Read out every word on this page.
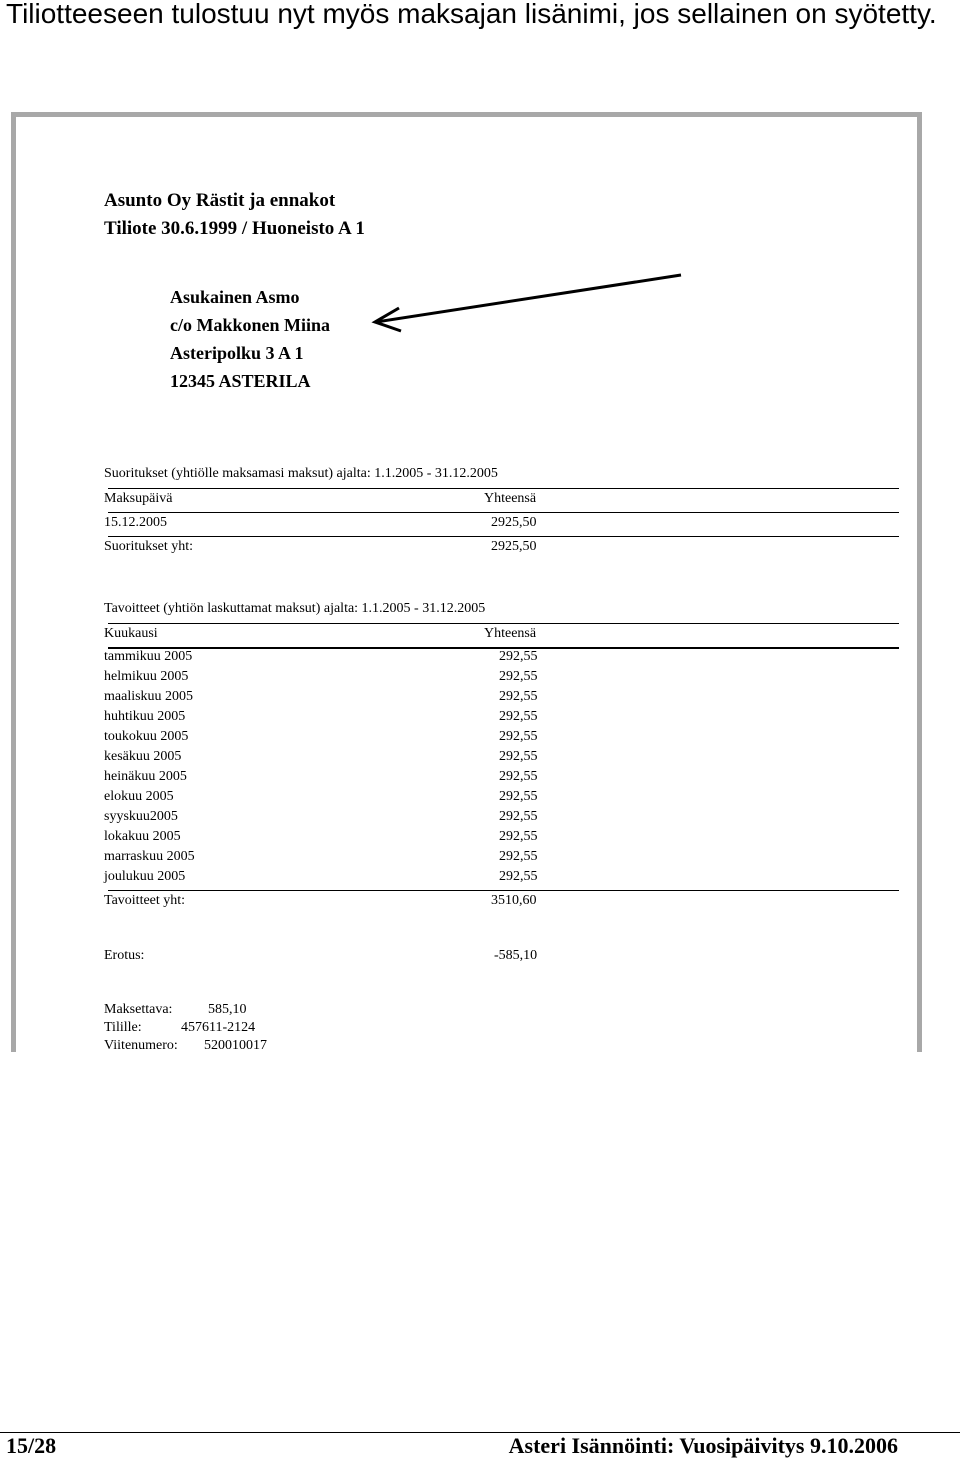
Tiliotteeseen tulostuu nyt myös maksajan lisänimi, jos sellainen on syötetty.
Asunto Oy Rästit ja ennakot
Tiliote 30.6.1999 / Huoneisto A 1
Asukainen Asmo
c/o Makkonen Miina
Asteripolku 3 A 1
12345 ASTERILA
Suoritukset (yhtiölle maksamasi maksut) ajalta: 1.1.2005 - 31.12.2005
Maksupäivä	Yhteensä
15.12.2005	2925,50
Suoritukset yht:	2925,50
Tavoitteet (yhtiön laskuttamat maksut) ajalta: 1.1.2005 - 31.12.2005
Kuukausi	Yhteensä
tammikuu 2005	292,55
helmikuu 2005	292,55
maaliskuu 2005	292,55
huhtikuu 2005	292,55
toukokuu 2005	292,55
kesäkuu 2005	292,55
heinäkuu 2005	292,55
elokuu 2005	292,55
syyskuu2005	292,55
lokakuu 2005	292,55
marraskuu 2005	292,55
joulukuu 2005	292,55
Tavoitteet yht:	3510,60
Erotus:	-585,10
Maksettava:	585,10
Tilille:	457611-2124
Viitenumero: 520010017
15/28	Asteri Isännöinti: Vuosipäivitys 9.10.2006
